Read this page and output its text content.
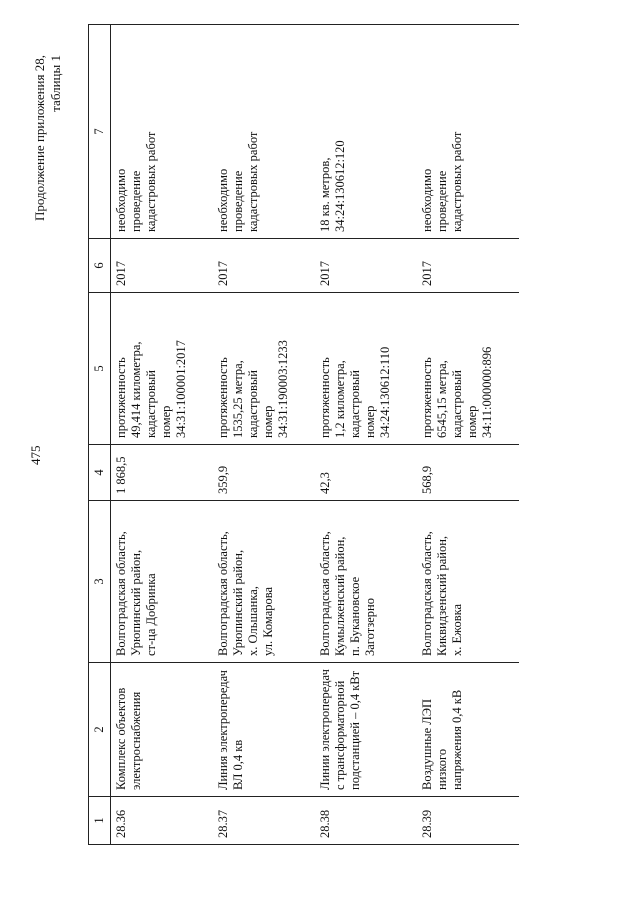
475
Продолжение приложения 28, таблицы 1
1	2	3	4	5	6	7
28.36	Комплекс объектов
электроснабжения	Волгоградская область,
Урюпинский район,
ст-ца Добринка	1 868,5	протяженность
49,414 километра,
кадастровый
номер
34:31:100001:2017	2017	необходимо
проведение
кадастровых работ
28.37	Линия электропередач
ВЛ 0,4 кв	Волгоградская область,
Урюпинский район,
х. Ольшанка,
ул. Комарова	359,9	протяженность
1535,25 метра,
кадастровый
номер
34:31:190003:1233	2017	необходимо
проведение
кадастровых работ
28.38	Линии электропередач
с трансформаторной
подстанцией – 0,4 кВт	Волгоградская область,
Кумылженский район,
п. Букановское
Заготзерно	42,3	протяженность
1,2 километра,
кадастровый
номер
34:24:130612:110	2017	18 кв. метров,
34:24:130612:120
28.39	Воздушные ЛЭП низкого
напряжения 0,4 кВ	Волгоградская область,
Киквидзенский район,
х. Ежовка	568,9	протяженность
6545,15 метра,
кадастровый
номер
34:11:000000:896	2017	необходимо
проведение
кадастровых работ
